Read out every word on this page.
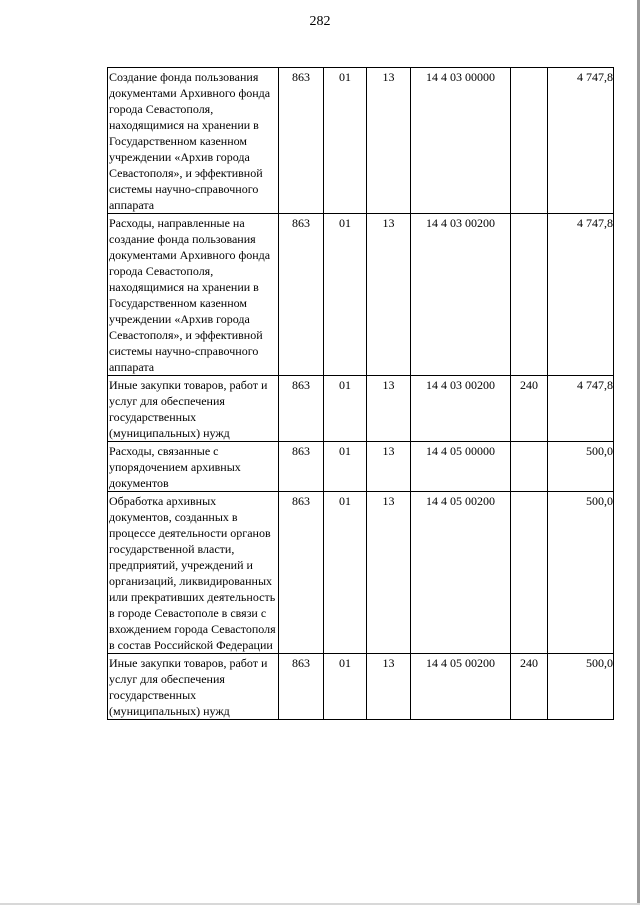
282
Создание фонда пользования документами Архивного фонда города Севастополя, находящимися на хранении в Государственном казенном учреждении «Архив города Севастополя», и эффективной системы научно-справочного аппарата	863	01	13	14 4 03 00000		4 747,8
Расходы, направленные на создание фонда пользования документами Архивного фонда города Севастополя, находящимися на хранении в Государственном казенном учреждении «Архив города Севастополя», и эффективной системы научно-справочного аппарата	863	01	13	14 4 03 00200		4 747,8
Иные закупки товаров, работ и услуг для обеспечения государственных (муниципальных) нужд	863	01	13	14 4 03 00200	240	4 747,8
Расходы, связанные с упорядочением архивных документов	863	01	13	14 4 05 00000		500,0
Обработка архивных документов, созданных в процессе деятельности органов государственной власти, предприятий, учреждений и организаций, ликвидированных или прекративших деятельность в городе Севастополе в связи с вхождением города Севастополя в состав Российской Федерации	863	01	13	14 4 05 00200		500,0
Иные закупки товаров, работ и услуг для обеспечения государственных (муниципальных) нужд	863	01	13	14 4 05 00200	240	500,0
